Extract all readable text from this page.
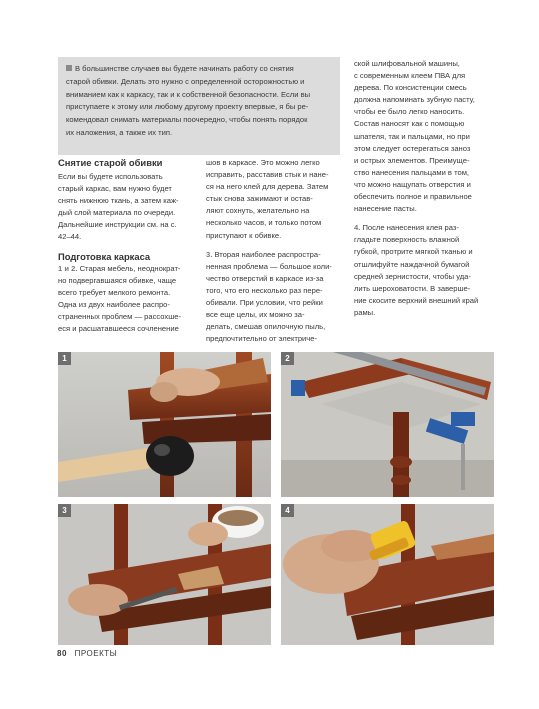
В большинстве случаев вы будете начинать работу со снятия
старой обивки. Делать это нужно с определенной осторожностью и
вниманием как к каркасу, так и к собственной безопасности. Если вы
приступаете к этому или любому другому проекту впервые, я бы ре-
комендовал снимать материалы поочередно, чтобы понять порядок
их наложения, а также их тип.
Снятие старой обивки

Если вы будете использовать

старый каркас, вам нужно будет

снять нижнюю ткань, а затем каж-

дый слой материала по очереди.

Дальнейшие инструкции см. на с.

42–44.

Подготовка каркаса

1 и 2. Старая мебель, неоднократ-

но подвергавшаяся обивке, чаще

всего требует мелкого ремонта.

Одна из двух наиболее распро-

страненных проблем — рассохше-

еся и расшатавшееся сочленение

шов в каркасе. Это можно легко

исправить, расставив стык и нане-

ся на него клей для дерева. Затем

стык снова зажимают и остав-

ляют сохнуть, желательно на

несколько часов, и только потом

приступают к обивке.

3. Вторая наиболее распростра-

ненная проблема — большое коли-

чество отверстий в каркасе из-за

того, что его несколько раз пере-

обивали. При условии, что рейки

все еще целы, их можно за-

делать, смешав опилочную пыль,

предпочтительно от электриче-

ской шлифовальной машины,

с современным клеем ПВА для

дерева. По консистенции смесь

должна напоминать зубную пасту,

чтобы ее было легко наносить.

Состав наносят как с помощью

шпателя, так и пальцами, но при

этом следует остерегаться заноз

и острых элементов. Преимуще-

ство нанесения пальцами в том,

что можно нащупать отверстия и

обеспечить полное и правильное

нанесение пасты.

4. После нанесения клея раз-

гладьте поверхность влажной

губкой, протрите мягкой тканью и

отшлифуйте наждачной бумагой

средней зернистости, чтобы уда-

лить шероховатости. В заверше-

ние скосите верхний внешний край

рамы.

1	2
3	4
80 ПРОЕКТЫ
